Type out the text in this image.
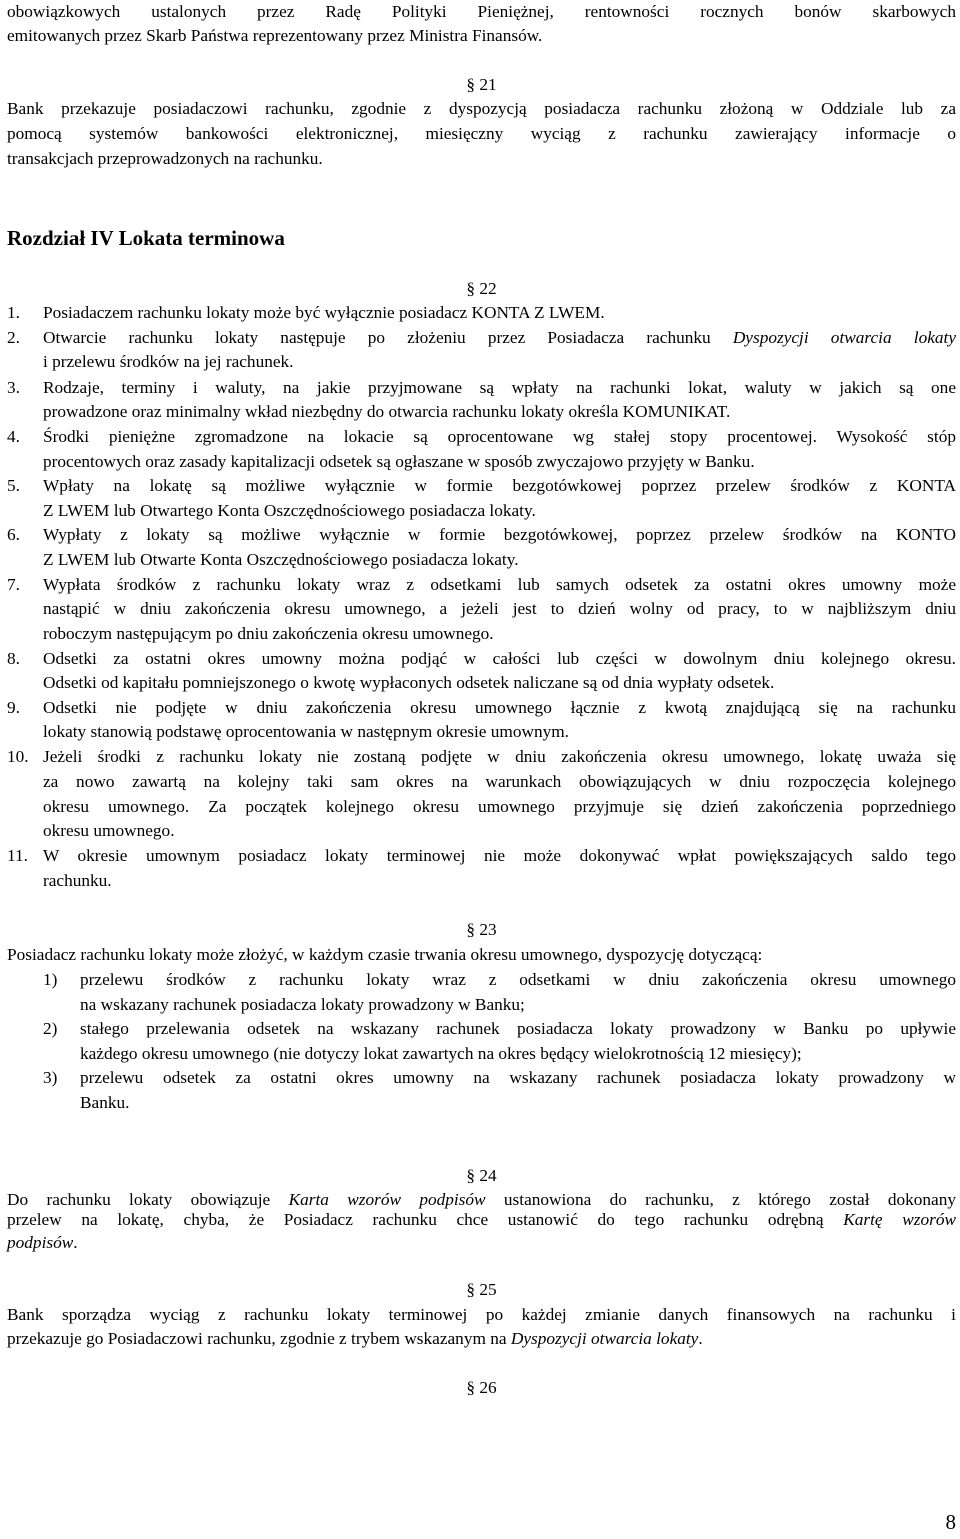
obowiązkowych ustalonych przez Radę Polityki Pieniężnej, rentowności rocznych bonów skarbowych
emitowanych przez Skarb Państwa reprezentowany przez Ministra Finansów.
§ 21
Bank przekazuje posiadaczowi rachunku, zgodnie z dyspozycją posiadacza rachunku złożoną w Oddziale lub za
pomocą systemów bankowości elektronicznej, miesięczny wyciąg z rachunku zawierający informacje o
transakcjach przeprowadzonych na rachunku.
Rozdział IV Lokata terminowa
§ 22
1. Posiadaczem rachunku lokaty może być wyłącznie posiadacz KONTA Z LWEM.
2. Otwarcie rachunku lokaty następuje po złożeniu przez Posiadacza rachunku Dyspozycji otwarcia lokaty
i przelewu środków na jej rachunek.
3. Rodzaje, terminy i waluty, na jakie przyjmowane są wpłaty na rachunki lokat, waluty w jakich są one
prowadzone oraz minimalny wkład niezbędny do otwarcia rachunku lokaty określa KOMUNIKAT.
4. Środki pieniężne zgromadzone na lokacie są oprocentowane wg stałej stopy procentowej. Wysokość stóp
procentowych oraz zasady kapitalizacji odsetek są ogłaszane w sposób zwyczajowo przyjęty w Banku.
5. Wpłaty na lokatę są możliwe wyłącznie w formie bezgotówkowej poprzez przelew środków z KONTA
Z LWEM lub Otwartego Konta Oszczędnościowego posiadacza lokaty.
6. Wypłaty z lokaty są możliwe wyłącznie w formie bezgotówkowej, poprzez przelew środków na KONTO
Z LWEM lub Otwarte Konta Oszczędnościowego posiadacza lokaty.
7. Wypłata środków z rachunku lokaty wraz z odsetkami lub samych odsetek za ostatni okres umowny może
nastąpić w dniu zakończenia okresu umownego, a jeżeli jest to dzień wolny od pracy, to w najbliższym dniu
roboczym następującym po dniu zakończenia okresu umownego.
8. Odsetki za ostatni okres umowny można podjąć w całości lub części w dowolnym dniu kolejnego okresu.
Odsetki od kapitału pomniejszonego o kwotę wypłaconych odsetek naliczane są od dnia wypłaty odsetek.
9. Odsetki nie podjęte w dniu zakończenia okresu umownego łącznie z kwotą znajdującą się na rachunku
lokaty stanowią podstawę oprocentowania w następnym okresie umownym.
10. Jeżeli środki z rachunku lokaty nie zostaną podjęte w dniu zakończenia okresu umownego, lokatę uważa się
za nowo zawartą na kolejny taki sam okres na warunkach obowiązujących w dniu rozpoczęcia kolejnego
okresu umownego. Za początek kolejnego okresu umownego przyjmuje się dzień zakończenia poprzedniego
okresu umownego.
11. W okresie umownym posiadacz lokaty terminowej nie może dokonywać wpłat powiększających saldo tego
rachunku.
§ 23
Posiadacz rachunku lokaty może złożyć, w każdym czasie trwania okresu umownego, dyspozycję dotyczącą:
1) przelewu środków z rachunku lokaty wraz z odsetkami w dniu zakończenia okresu umownego
na wskazany rachunek posiadacza lokaty prowadzony w Banku;
2) stałego przelewania odsetek na wskazany rachunek posiadacza lokaty prowadzony w Banku po upływie
każdego okresu umownego (nie dotyczy lokat zawartych na okres będący wielokrotnością 12 miesięcy);
3) przelewu odsetek za ostatni okres umowny na wskazany rachunek posiadacza lokaty prowadzony w
Banku.
§ 24
Do rachunku lokaty obowiązuje Karta wzorów podpisów ustanowiona do rachunku, z którego został dokonany
przelew na lokatę, chyba, że Posiadacz rachunku chce ustanowić do tego rachunku odrębną Kartę wzorów
podpisów.
§ 25
Bank sporządza wyciąg z rachunku lokaty terminowej po każdej zmianie danych finansowych na rachunku i
przekazuje go Posiadaczowi rachunku, zgodnie z trybem wskazanym na Dyspozycji otwarcia lokaty.
§ 26
8
